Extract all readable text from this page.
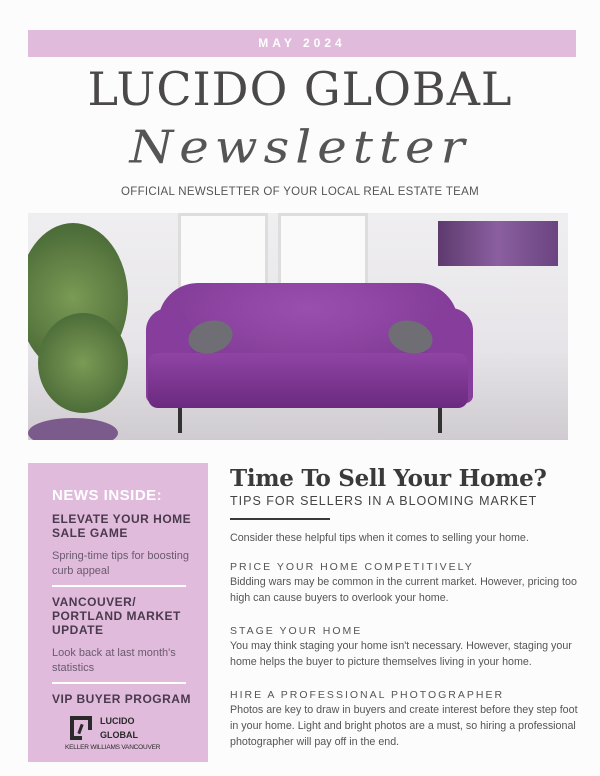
MAY 2024
LUCIDO GLOBAL
Newsletter
OFFICIAL NEWSLETTER OF YOUR LOCAL REAL ESTATE TEAM
NEWS INSIDE:
ELEVATE YOUR HOME SALE GAME
Spring-time tips for boosting curb appeal
VANCOUVER/ PORTLAND MARKET UPDATE
Look back at last month's statistics
VIP BUYER PROGRAM
LUCIDO
GLOBAL
KELLER WILLIAMS VANCOUVER
Time To Sell Your Home?
TIPS FOR SELLERS IN A BLOOMING MARKET
Consider these helpful tips when it comes to selling your home.
PRICE YOUR HOME COMPETITIVELY
Bidding wars may be common in the current market. However, pricing too high can cause buyers to overlook your home.
STAGE YOUR HOME
You may think staging your home isn't necessary. However, staging your home helps the buyer to picture themselves living in your home.
HIRE A PROFESSIONAL PHOTOGRAPHER
Photos are key to draw in buyers and create interest before they step foot in your home. Light and bright photos are a must, so hiring a professional photographer will pay off in the end.
